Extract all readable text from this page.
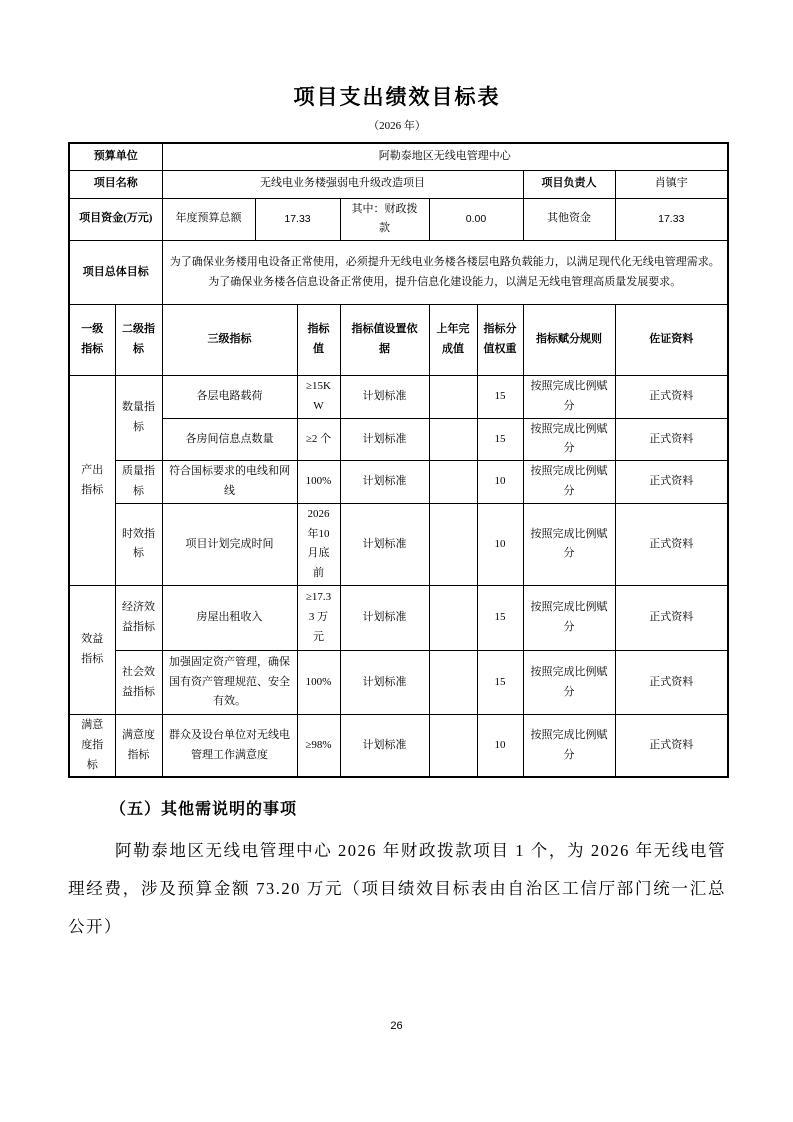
项目支出绩效目标表
（2026 年）
预算单位		阿勒泰地区无线电管理中心							
项目名称		无线电业务楼强弱电升级改造项目						项目负责人	肖镇宇
项目资金(万元)		年度预算总额	17.33		其中：财政拨款	0.00		其他资金	17.33
项目总体目标		为了确保业务楼用电设备正常使用，必须提升无线电业务楼各楼层电路负载能力，以满足现代化无线电管理需求。为了确保业务楼各信息设备正常使用，提升信息化建设能力，以满足无线电管理高质量发展要求。							
一级指标	二级指标	三级指标		指标值	指标值设置依据	上年完成值	指标分值权重	指标赋分规则	佐证资料
产出指标	数量指标	各层电路载荷		≥15KW	计划标准		15	按照完成比例赋分	正式资料
		各房间信息点数量		≥2 个	计划标准		15	按照完成比例赋分	正式资料
	质量指标	符合国标要求的电线和网线		100%	计划标准		10	按照完成比例赋分	正式资料
	时效指标	项目计划完成时间		2026年10月底前	计划标准		10	按照完成比例赋分	正式资料
效益指标	经济效益指标	房屋出租收入		≥17.33 万元	计划标准		15	按照完成比例赋分	正式资料
	社会效益指标	加强固定资产管理，确保国有资产管理规范、安全有效。		100%	计划标准		15	按照完成比例赋分	正式资料
满意度指标	满意度指标	群众及设台单位对无线电管理工作满意度		≥98%	计划标准		10	按照完成比例赋分	正式资料
（五）其他需说明的事项

阿勒泰地区无线电管理中心 2026 年财政拨款项目 1 个，为 2026 年无线电管理经费，涉及预算金额 73.20 万元（项目绩效目标表由自治区工信厅部门统一汇总公开）

26
